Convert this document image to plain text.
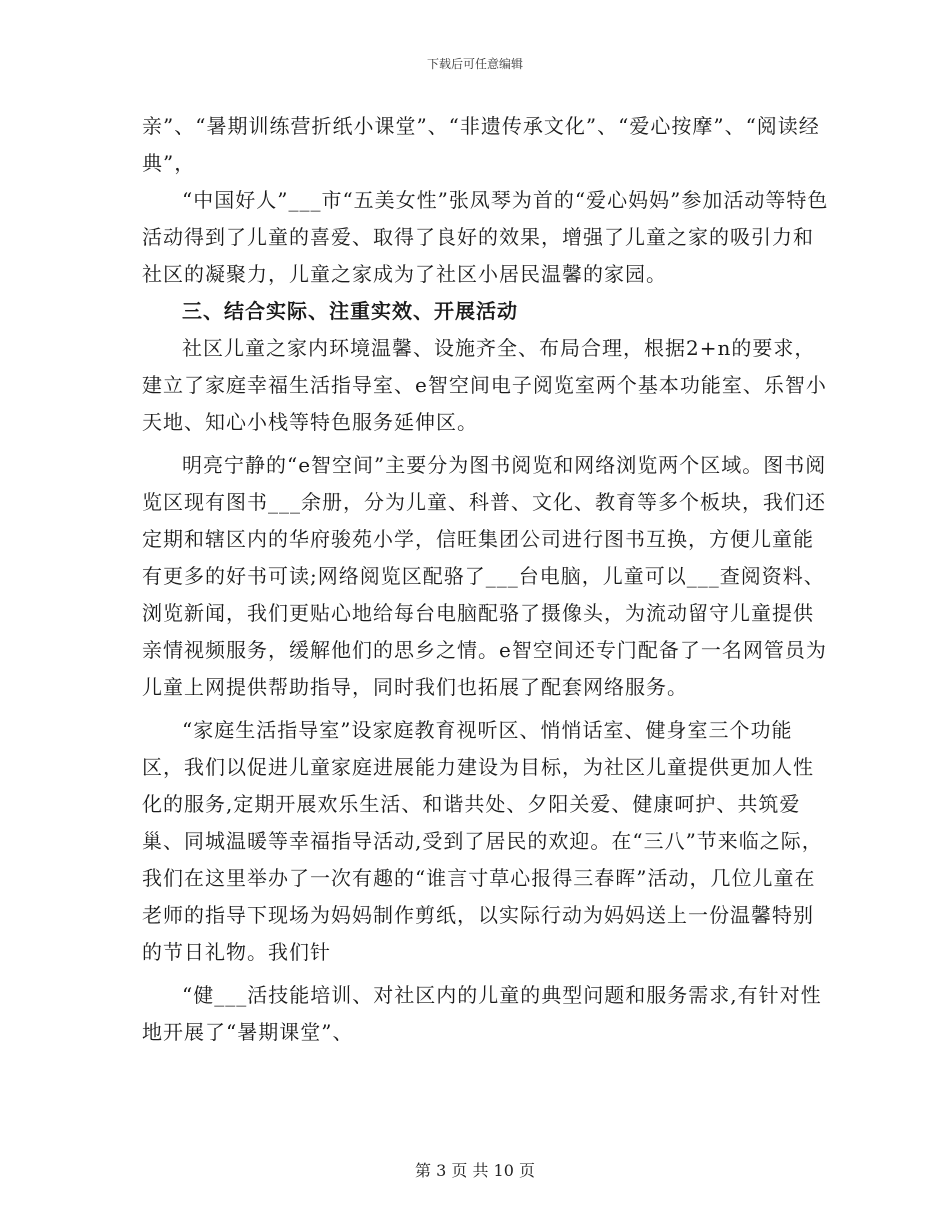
下载后可任意编辑

亲”、“暑期训练营折纸小课堂”、“非遗传承文化”、“爱心按摩”、“阅读经典”，

“中国好人”___市“五美女性”张凤琴为首的“爱心妈妈”参加活动等特色活动得到了儿童的喜爱、取得了良好的效果，增强了儿童之家的吸引力和社区的凝聚力，儿童之家成为了社区小居民温馨的家园。

三、结合实际、注重实效、开展活动

社区儿童之家内环境温馨、设施齐全、布局合理，根据2+n的要求，建立了家庭幸福生活指导室、e智空间电子阅览室两个基本功能室、乐智小天地、知心小栈等特色服务延伸区。

明亮宁静的“e智空间”主要分为图书阅览和网络浏览两个区域。图书阅览区现有图书___余册，分为儿童、科普、文化、教育等多个板块，我们还定期和辖区内的华府骏苑小学，信旺集团公司进行图书互换，方便儿童能有更多的好书可读;网络阅览区配骆了___台电脑，儿童可以___查阅资料、浏览新闻，我们更贴心地给每台电脑配骆了摄像头，为流动留守儿童提供亲情视频服务，缓解他们的思乡之情。e智空间还专门配备了一名网管员为儿童上网提供帮助指导，同时我们也拓展了配套网络服务。

“家庭生活指导室”设家庭教育视听区、悄悄话室、健身室三个功能区，我们以促进儿童家庭进展能力建设为目标，为社区儿童提供更加人性化的服务,定期开展欢乐生活、和谐共处、夕阳关爱、健康呵护、共筑爱巢、同城温暖等幸福指导活动,受到了居民的欢迎。在“三八”节来临之际，我们在这里举办了一次有趣的“谁言寸草心报得三春晖”活动，几位儿童在老师的指导下现场为妈妈制作剪纸，以实际行动为妈妈送上一份温馨特别的节日礼物。我们针

“健___活技能培训、对社区内的儿童的典型问题和服务需求,有针对性地开展了“暑期课堂”、

第 3 页 共 10 页
